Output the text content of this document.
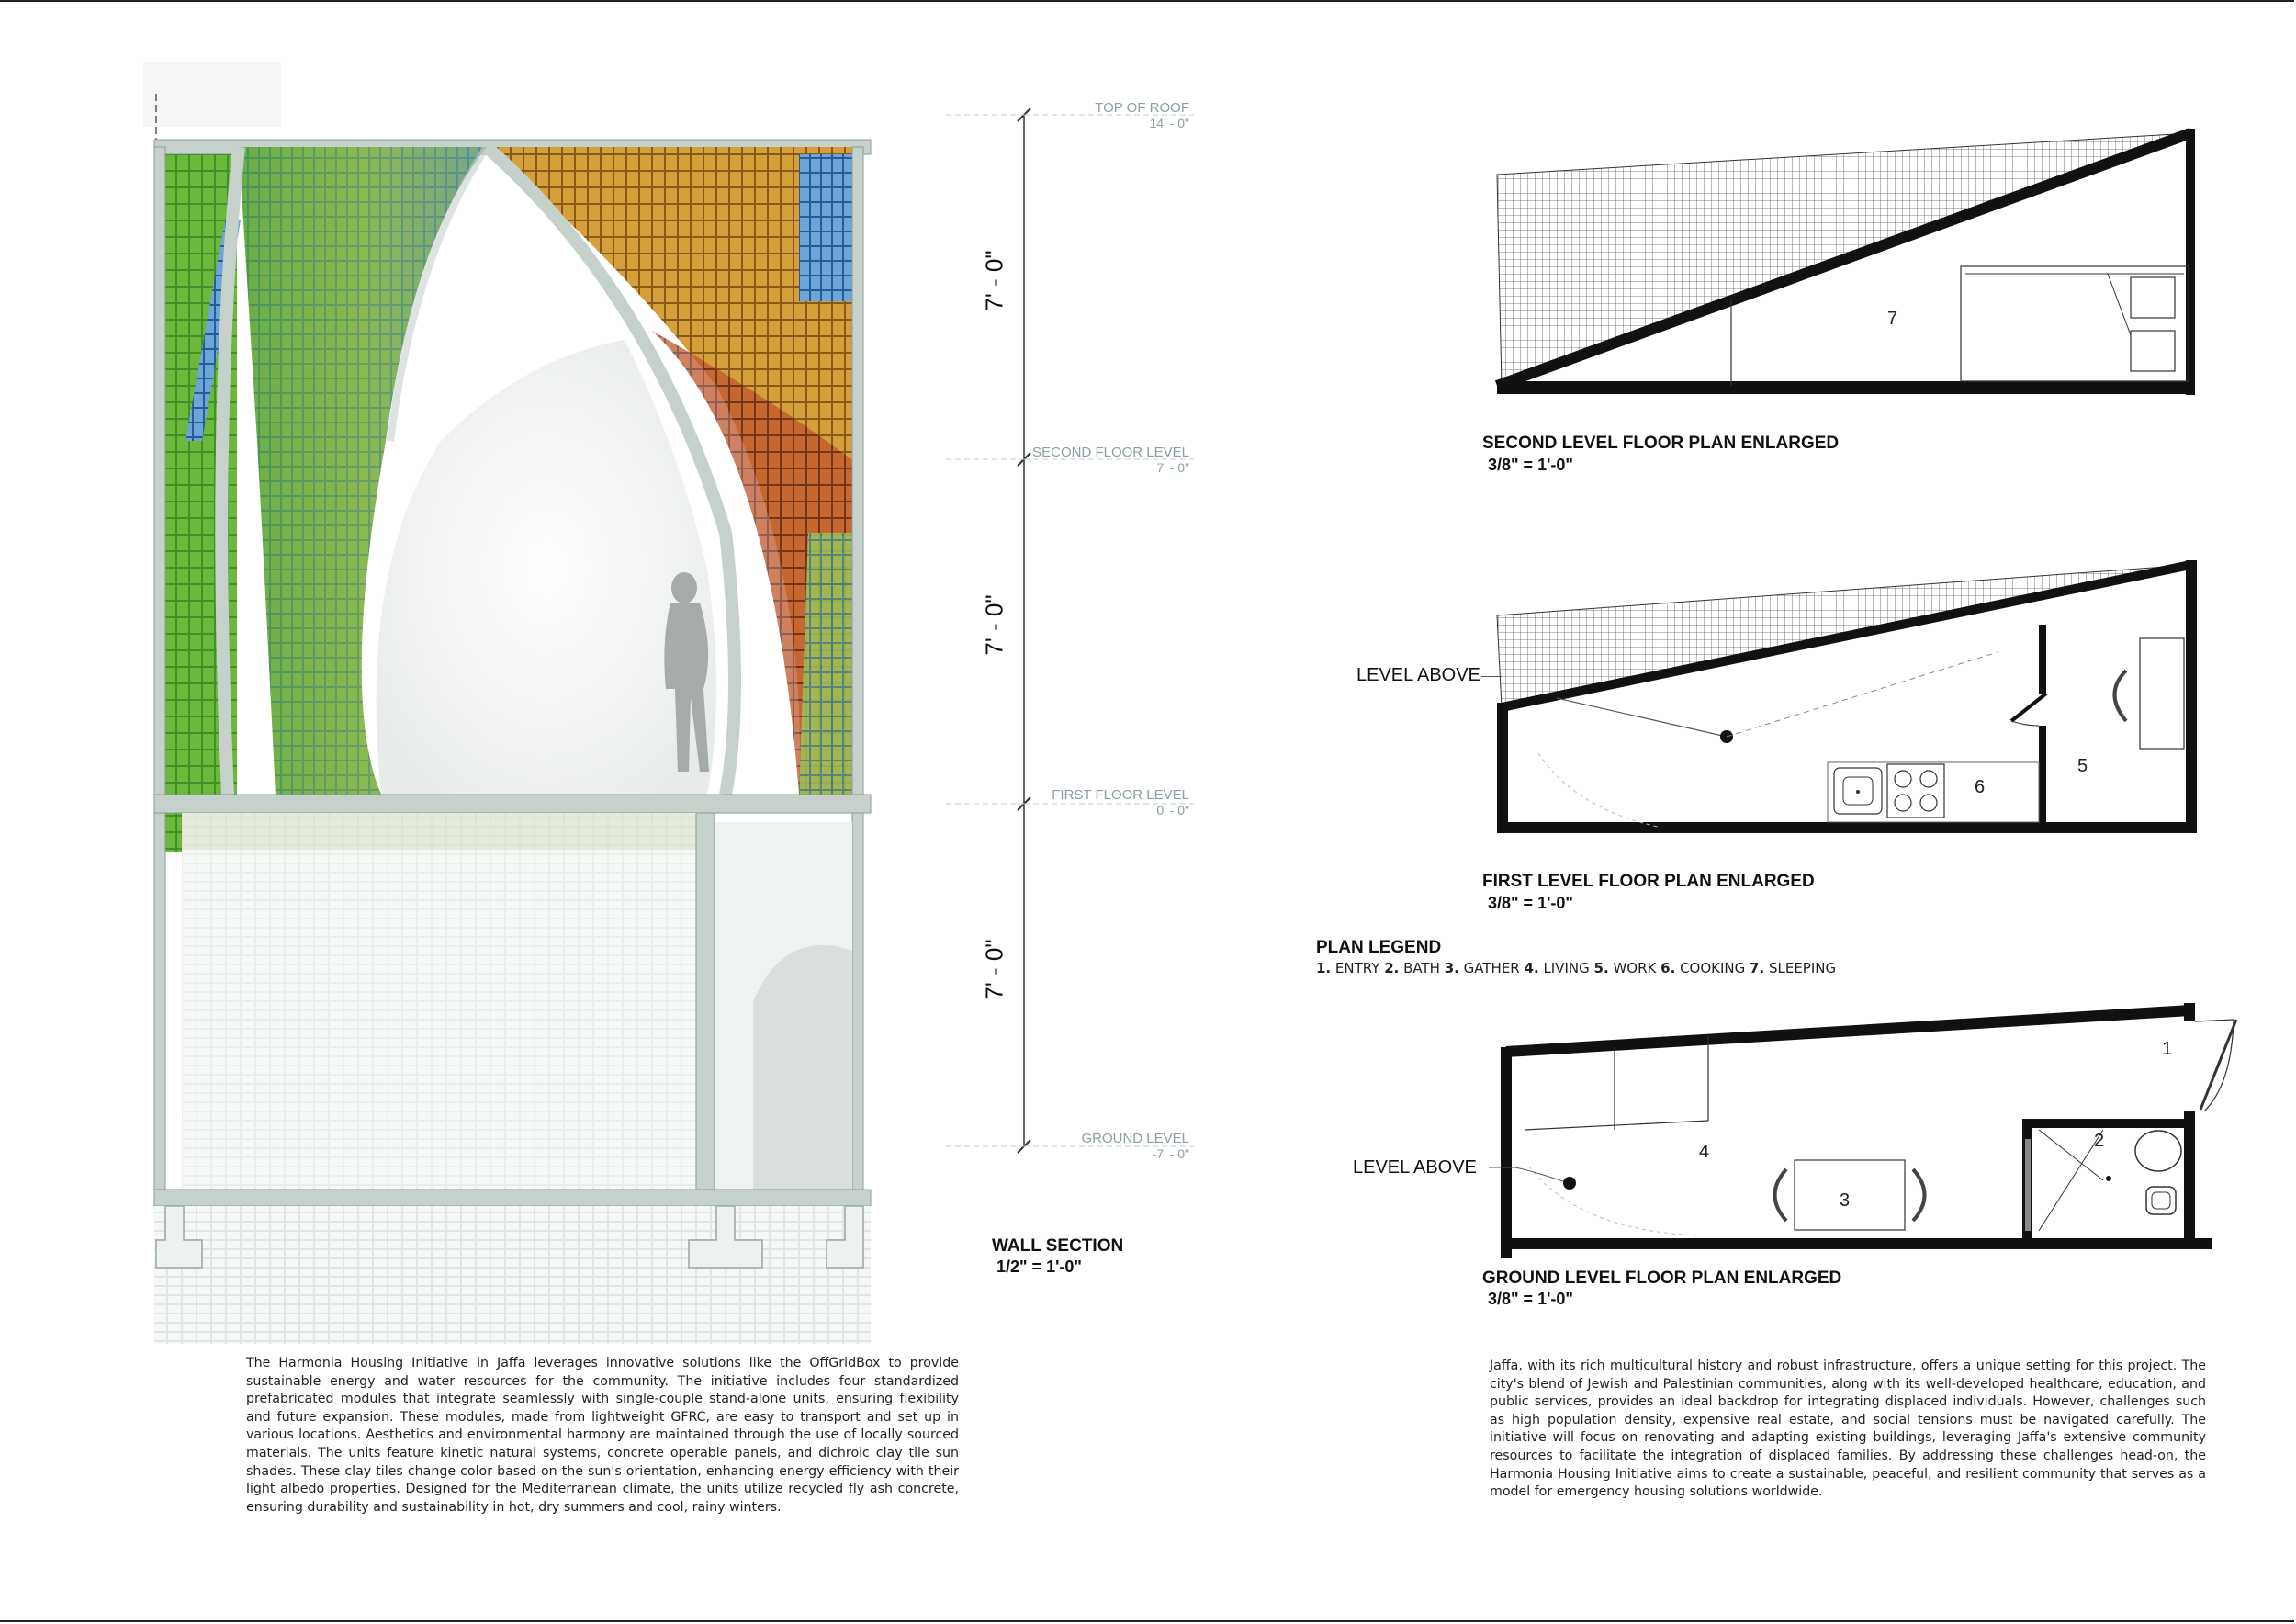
7' - 0"
7' - 0"
7' - 0"
TOP OF ROOF
14' - 0"
SECOND FLOOR LEVEL
7' - 0"
FIRST FLOOR LEVEL
0' - 0"
GROUND LEVEL
-7' - 0"
WALL SECTION
1/2" = 1'-0"
7
SECOND LEVEL FLOOR PLAN ENLARGED
3/8" = 1'-0"
6
5
LEVEL ABOVE
FIRST LEVEL FLOOR PLAN ENLARGED
3/8" = 1'-0"
PLAN LEGEND
1. ENTRY 2. BATH 3. GATHER 4. LIVING 5. WORK 6. COOKING 7. SLEEPING
1
2
4
3
LEVEL ABOVE
GROUND LEVEL FLOOR PLAN ENLARGED
3/8" = 1'-0"
The Harmonia Housing Initiative in Jaffa leverages innovative solutions like the OffGridBox to provide sustainable energy and water resources for the community. The initiative includes four standardized prefabricated modules that integrate seamlessly with single-couple stand-alone units, ensuring flexibility and future expansion. These modules, made from lightweight GFRC, are easy to transport and set up in various locations. Aesthetics and environmental harmony are maintained through the use of locally sourced materials. The units feature kinetic natural systems, concrete operable panels, and dichroic clay tile sun shades. These clay tiles change color based on the sun's orientation, enhancing energy efficiency with their light albedo properties. Designed for the Mediterranean climate, the units utilize recycled fly ash concrete, ensuring durability and sustainability in hot, dry summers and cool, rainy winters.
Jaffa, with its rich multicultural history and robust infrastructure, offers a unique setting for this project. The city's blend of Jewish and Palestinian communities, along with its well-developed healthcare, education, and public services, provides an ideal backdrop for integrating displaced individuals. However, challenges such as high population density, expensive real estate, and social tensions must be navigated carefully. The initiative will focus on renovating and adapting existing buildings, leveraging Jaffa's extensive community resources to facilitate the integration of displaced families. By addressing these challenges head-on, the Harmonia Housing Initiative aims to create a sustainable, peaceful, and resilient community that serves as a model for emergency housing solutions worldwide.
